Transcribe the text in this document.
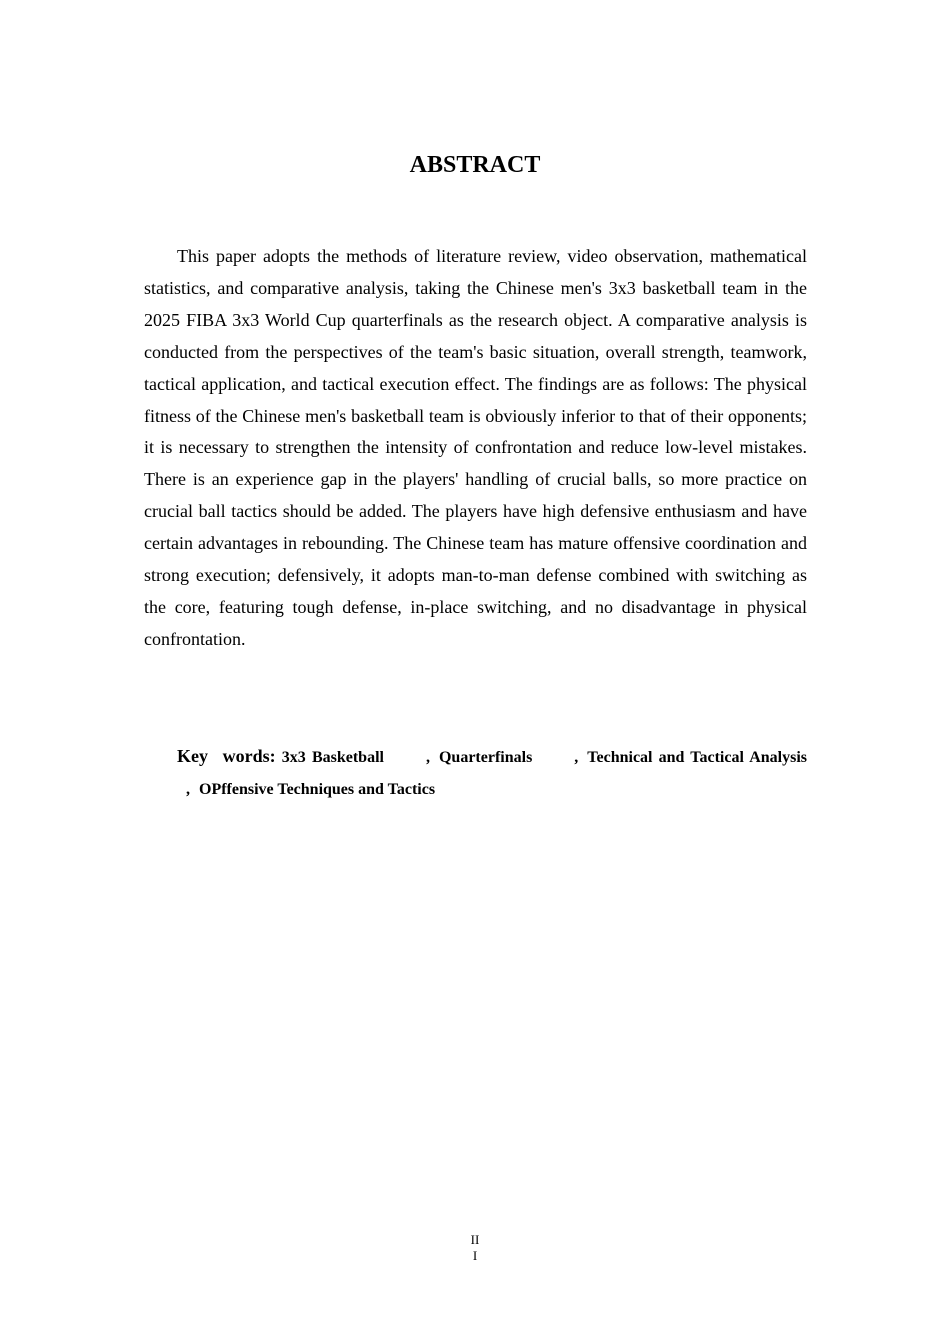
ABSTRACT

This paper adopts the methods of literature review, video observation, mathematical statistics, and comparative analysis, taking the Chinese men's 3x3 basketball team in the 2025 FIBA 3x3 World Cup quarterfinals as the research object. A comparative analysis is conducted from the perspectives of the team's basic situation, overall strength, teamwork, tactical application, and tactical execution effect. The findings are as follows: The physical fitness of the Chinese men's basketball team is obviously inferior to that of their opponents; it is necessary to strengthen the intensity of confrontation and reduce low-level mistakes. There is an experience gap in the players' handling of crucial balls, so more practice on crucial ball tactics should be added. The players have high defensive enthusiasm and have certain advantages in rebounding. The Chinese team has mature offensive coordination and strong execution; defensively, it adopts man-to-man defense combined with switching as the core, featuring tough defense, in-place switching, and no disadvantage in physical confrontation.

Key words: 3x3 Basketball	, Quarterfinals	, Technical and Tactical Analysis, OPffensive Techniques and Tactics

II
I
